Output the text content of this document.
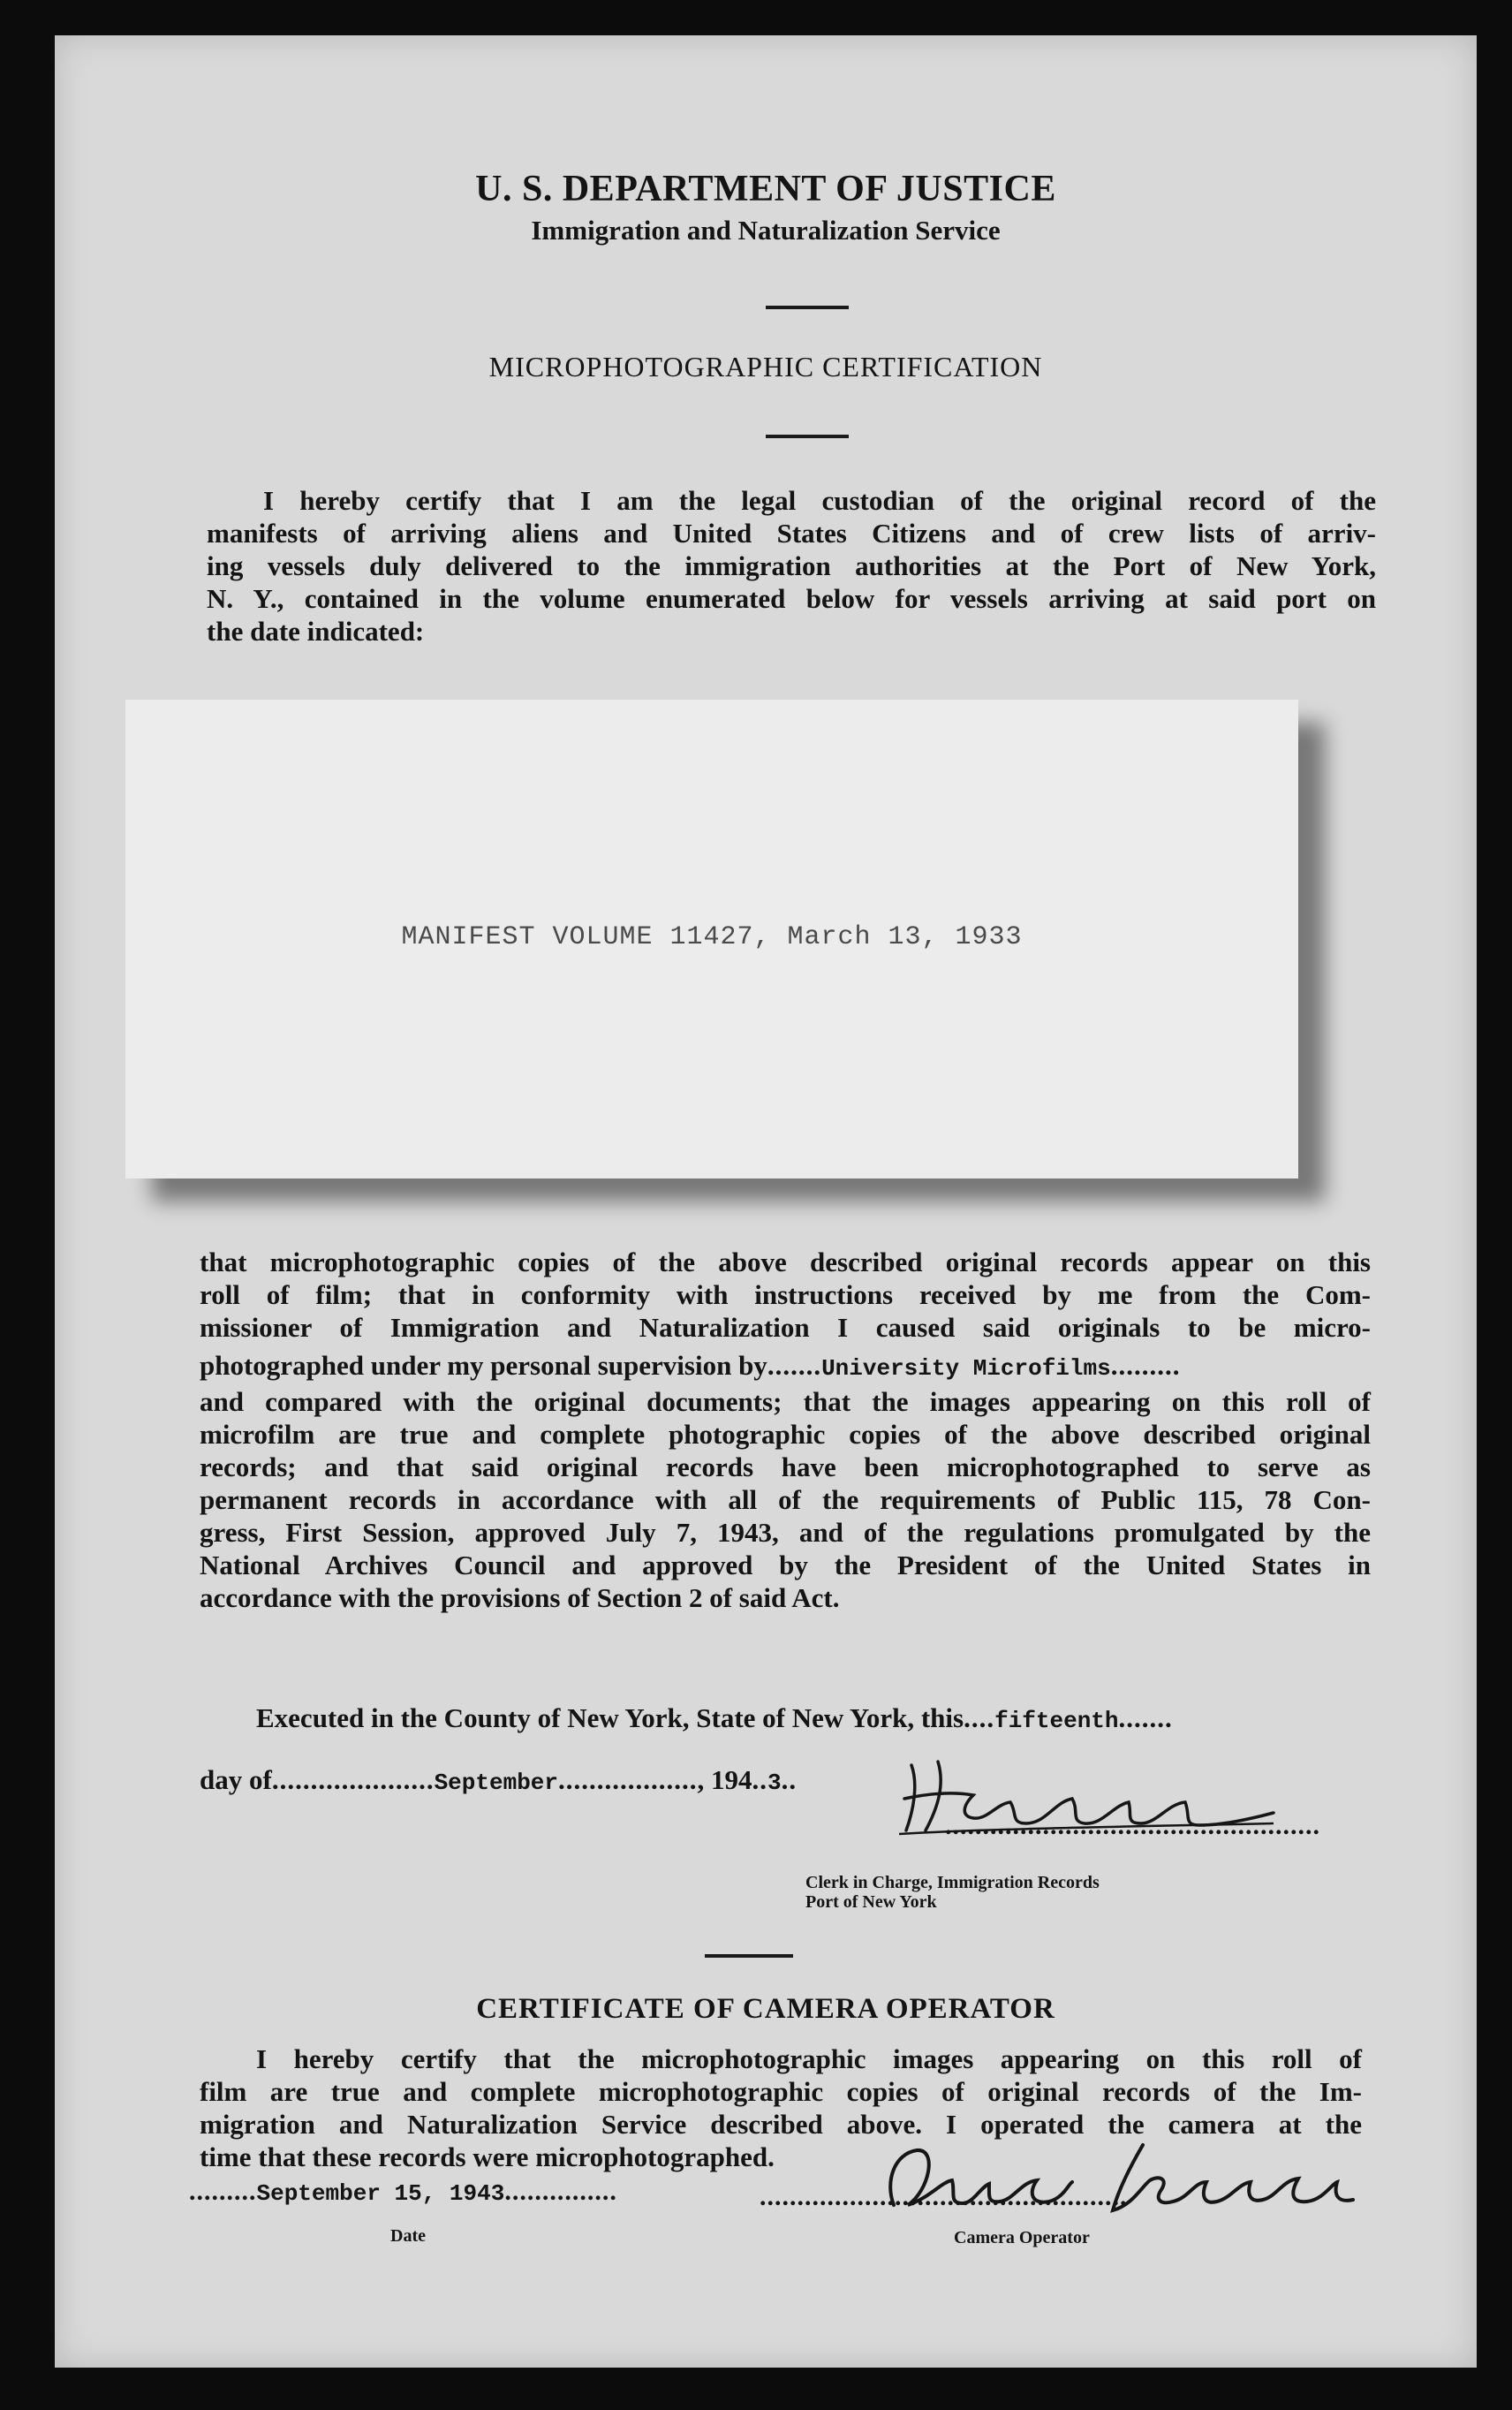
U. S. DEPARTMENT OF JUSTICE
Immigration and Naturalization Service
MICROPHOTOGRAPHIC CERTIFICATION
I hereby certify that I am the legal custodian of the original record of the
manifests of arriving aliens and United States Citizens and of crew lists of arriv-
ing vessels duly delivered to the immigration authorities at the Port of New York,
N. Y., contained in the volume enumerated below for vessels arriving at said port on
the date indicated:
MANIFEST VOLUME 11427, March 13, 1933
that microphotographic copies of the above described original records appear on this
roll of film; that in conformity with instructions received by me from the Com-
missioner of Immigration and Naturalization I caused said originals to be micro-
photographed under my personal supervision by.......University Microfilms.........
and compared with the original documents; that the images appearing on this roll of
microfilm are true and complete photographic copies of the above described original
records; and that said original records have been microphotographed to serve as
permanent records in accordance with all of the requirements of Public 115, 78 Con-
gress, First Session, approved July 7, 1943, and of the regulations promulgated by the
National Archives Council and approved by the President of the United States in
accordance with the provisions of Section 2 of said Act.
Executed in the County of New York, State of New York, this....fifteenth.......
day of.....................September.................., 194..3..
..................................................
Clerk in Charge, Immigration Records
Port of New York
CERTIFICATE OF CAMERA OPERATOR
I hereby certify that the microphotographic images appearing on this roll of
film are true and complete microphotographic copies of original records of the Im-
migration and Naturalization Service described above. I operated the camera at the
time that these records were microphotographed.
.........September 15, 1943...............
Date
.................................................
Camera Operator
